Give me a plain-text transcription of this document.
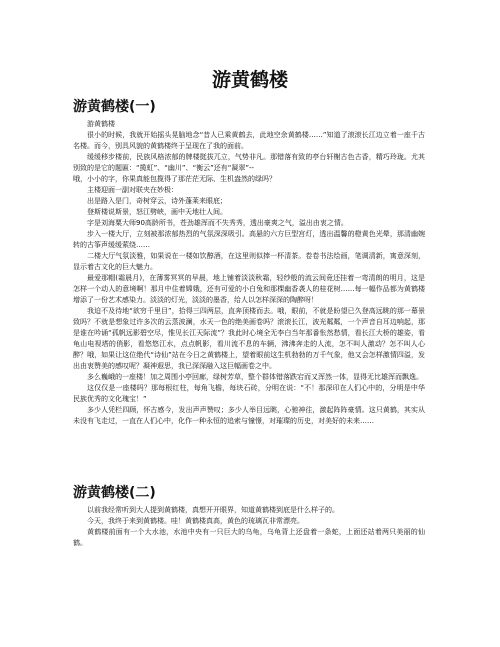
游黄鹤楼
游黄鹤楼(一)

游黄鹤楼

很小的时候，我就开始摇头晃脑地念“昔人已乘黄鹤去，此地空余黄鹤楼……”知道了滚滚长江边立着一座千古名楼。而今，别具风貌的黄鹤楼终于呈现在了我的面前。

缓缓移步楼前，民族风格浓郁的牌楼挺拔兀立，气势非凡。那错落有致的亭台轩榭古色古香，精巧玲珑。尤其别致的是它的题匾：“揽虹”、“幽川”、“衡云”还有“凝翠”--

哦，小小的字，你果真能包揽得了那茫茫无际、生机盎然的绿吗？

主楼迎面一副对联夹在妙极：

出是路入是门，奇树穿云，诗外蓬莱来眼底；

登斯楼说斯景，怒江劈峡，画中天地壮人间。

字是刘海粟大师90高龄所书，苍劲雄浑而不失秀秀，透出豪爽之气，溢出由衷之情。

步入一楼大厅，立刻被那浓郁热烈的气氛深深吸引。高悬的六方巨型宫灯，透出温馨的橙黄色光晕，那清幽婉转的古筝声缓缓萦绕……

二楼大厅气氛淡雅，如果说在一楼如饮醇酒，在这里则似捧一杯清茶。卷卷书法绘画，笔调清新，寓意深刻，显示着古文化的巨大魅力。

最爱那帽(霜晨月)，在薄雾冥冥的早晨，地上铺着淡淡秋霜，轻纱般的流云间竟还挂着一弯清朗的明月，这是怎样一个动人的意境啊！那月中住着嫦娥，还有可爱的小白兔和那棵幽香袭人的桂花树……每一幅作品都为黄鹤楼增添了一份艺术感染力。淡淡的灯光，淡淡的墨香，给人以怎样深深的陶醉呀！

我迫不及待地“欲穷千里目”，拾得三四两层，直奔顶楼而去。哦，眼前，不就是盼望已久登高远眺的那一幕景致吗？不就是想象过许多次的云蒸波澜，水天一色的绝美画卷吗？滚滚长江，波光粼粼，一个声音自耳边响起，那是谁在吟诵“孤帆远影碧空尽，惟见长江天际流”？我此时心境全无李白当年那番怅然愁情，看长江大桥的雄姿，看龟山电视塔的俏影，看悠悠江水，点点帆影，看川流不息的车辆，沸沸奔走的人流，怎不叫人激动？怎不叫人心醉？哦，如果让这位绝代“诗仙”站在今日之黄鹤楼上，望着眼前这生机勃勃的万千气象，他又会怎样激情四溢，发出由衷赞美的感叹呢？凝神遐思，我已深深融入这巨幅画卷之中。

多么巍峨的一座楼！加之周围小亭回廊，绿树芳草，整个群体错落跌宕而又浑然一体，显得无比雄浑而飘逸。

这仅仅是一座楼吗？那每根红柱，每角飞檐，每块石砖，分明在说：“不！那深印在人们心中的，分明是中华民族优秀的文化瑰宝！”

多少人凭栏四顾，怀古感今，发出声声赞叹；多少人举目远眺，心驰神往，激起阵阵豪情。这只黄鹤，其实从未没有飞走过，一直在人们心中，化作一种永恒的追索与憧憬，对璀璨的历史，对美好的未来……

游黄鹤楼(二)

以前我经常听到大人提到黄鹤楼，真想开开眼界，知道黄鹤楼到底是什么样子的。

今天，我终于来到黄鹤楼。哇！黄鹤楼真高，黄色的琉璃瓦非常漂亮。

黄鹤楼前面有一个大水池，水池中央有一只巨大的乌龟，乌龟背上还盘着一条蛇，上面还站着两只美丽的仙鹤。
